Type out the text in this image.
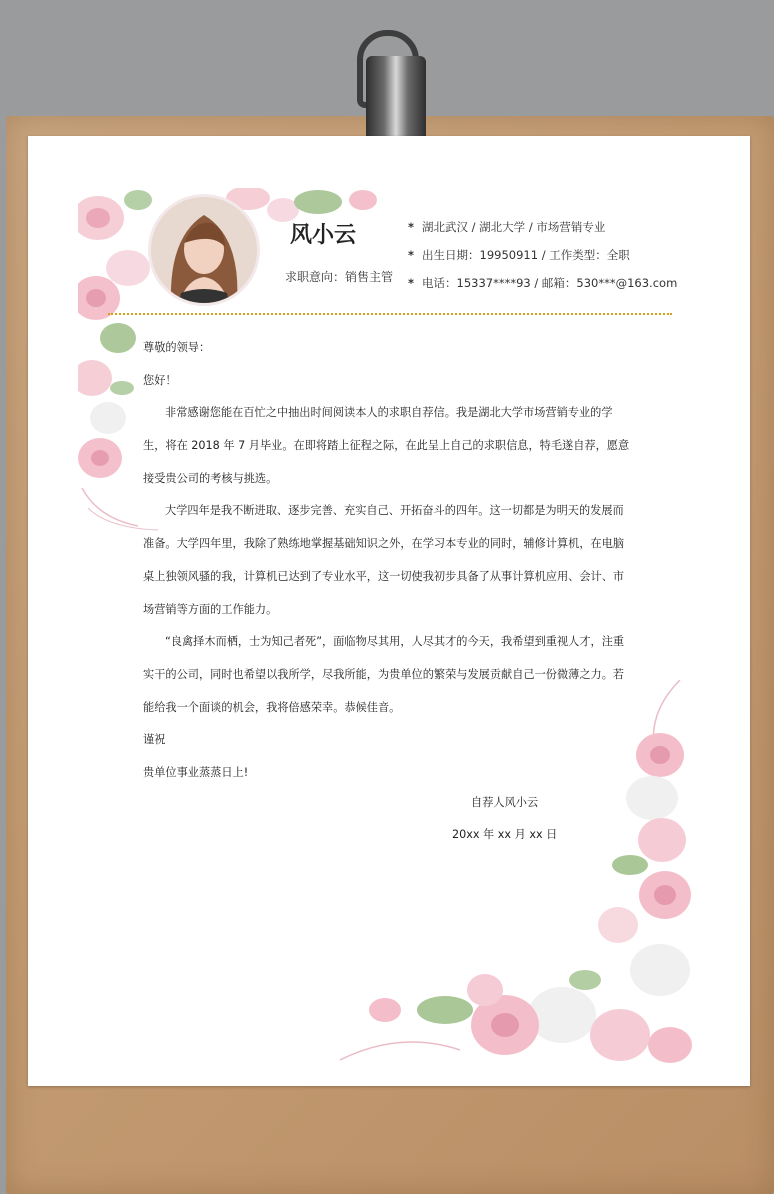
风小云
求职意向：销售主管
* 湖北武汉 / 湖北大学 / 市场营销专业
* 出生日期：19950911 / 工作类型：全职
* 电话：15337****93 / 邮箱：530***@163.com

尊敬的领导：

您好！

非常感谢您能在百忙之中抽出时间阅读本人的求职自荐信。我是湖北大学市场营销专业的学生，将在 2018 年 7 月毕业。在即将踏上征程之际，在此呈上自己的求职信息，特毛遂自荐，愿意接受贵公司的考核与挑选。

大学四年是我不断进取、逐步完善、充实自己、开拓奋斗的四年。这一切都是为明天的发展而准备。大学四年里，我除了熟练地掌握基础知识之外，在学习本专业的同时，辅修计算机，在电脑桌上独领风骚的我，计算机已达到了专业水平，这一切使我初步具备了从事计算机应用、会计、市场营销等方面的工作能力。

“良禽择木而栖，士为知己者死”，面临物尽其用，人尽其才的今天，我希望到重视人才，注重实干的公司，同时也希望以我所学，尽我所能，为贵单位的繁荣与发展贡献自己一份微薄之力。若能给我一个面谈的机会，我将倍感荣幸。恭候佳音。

谨祝

贵单位事业蒸蒸日上!

自荐人风小云
20xx 年 xx 月 xx 日
